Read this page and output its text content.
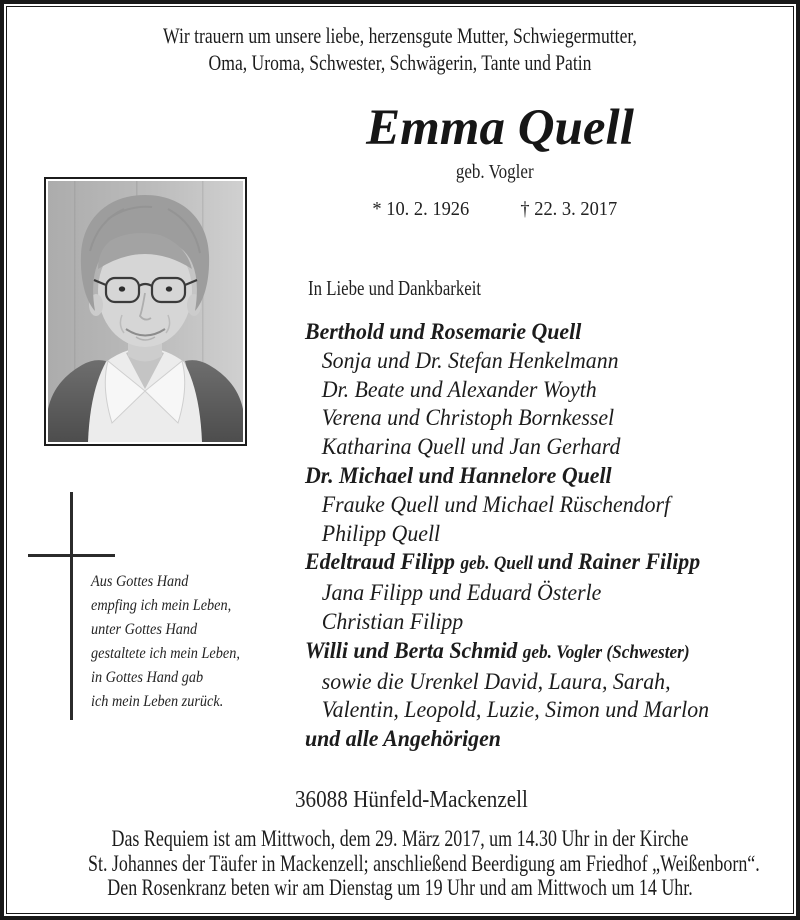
Wir trauern um unsere liebe, herzensgute Mutter, Schwiegermutter,
Oma, Uroma, Schwester, Schwägerin, Tante und Patin
Emma Quell
geb. Vogler
* 10. 2. 1926 † 22. 3. 2017
In Liebe und Dankbarkeit
Berthold und Rosemarie Quell
Sonja und Dr. Stefan Henkelmann
Dr. Beate und Alexander Woyth
Verena und Christoph Bornkessel
Katharina Quell und Jan Gerhard
Dr. Michael und Hannelore Quell
Frauke Quell und Michael Rüschendorf
Philipp Quell
Edeltraud Filipp geb. Quell und Rainer Filipp
Jana Filipp und Eduard Österle
Christian Filipp
Willi und Berta Schmid geb. Vogler (Schwester)
sowie die Urenkel David, Laura, Sarah,
Valentin, Leopold, Luzie, Simon und Marlon
und alle Angehörigen
Aus Gottes Hand
empfing ich mein Leben,
unter Gottes Hand
gestaltete ich mein Leben,
in Gottes Hand gab
ich mein Leben zurück.
36088 Hünfeld-Mackenzell
Das Requiem ist am Mittwoch, dem 29. März 2017, um 14.30 Uhr in der Kirche
St. Johannes der Täufer in Mackenzell; anschließend Beerdigung am Friedhof „Weißenborn“.
Den Rosenkranz beten wir am Dienstag um 19 Uhr und am Mittwoch um 14 Uhr.
